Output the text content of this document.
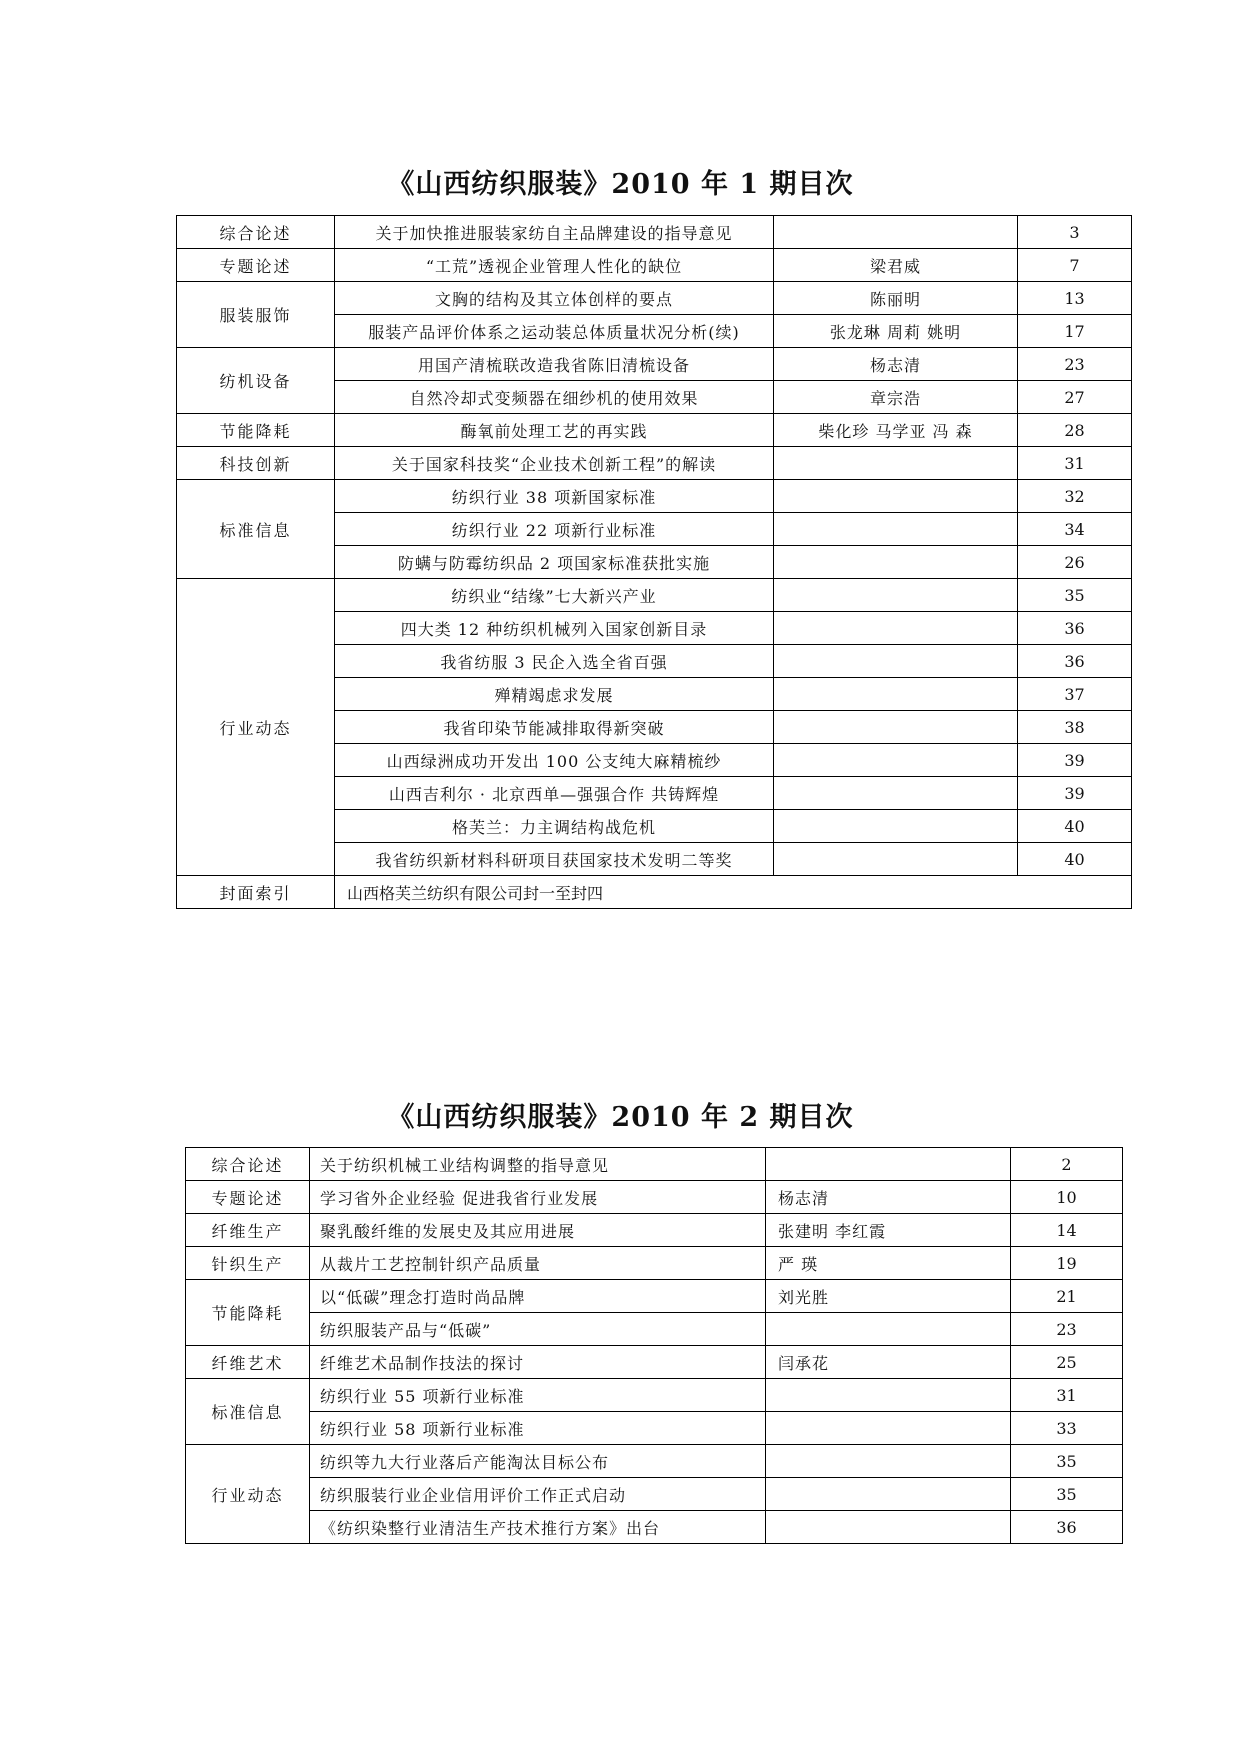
《山西纺织服装》2010 年 1 期目次
综合论述	关于加快推进服装家纺自主品牌建设的指导意见		3
专题论述	“工荒”透视企业管理人性化的缺位	梁君威	7
服装服饰	文胸的结构及其立体创样的要点	陈丽明	13
	服装产品评价体系之运动装总体质量状况分析(续)	张龙琳 周莉 姚明	17
纺机设备	用国产清梳联改造我省陈旧清梳设备	杨志清	23
	自然冷却式变频器在细纱机的使用效果	章宗浩	27
节能降耗	酶氧前处理工艺的再实践	柴化珍 马学亚 冯 森	28
科技创新	关于国家科技奖“企业技术创新工程”的解读		31
标准信息	纺织行业 38 项新国家标准		32
	纺织行业 22 项新行业标准		34
	防螨与防霉纺织品 2 项国家标准获批实施		26
行业动态	纺织业“结缘”七大新兴产业		35
	四大类 12 种纺织机械列入国家创新目录		36
	我省纺服 3 民企入选全省百强		36
	殚精竭虑求发展		37
	我省印染节能减排取得新突破		38
	山西绿洲成功开发出 100 公支纯大麻精梳纱		39
	山西吉利尔 · 北京西单—强强合作 共铸辉煌		39
	格芙兰：力主调结构战危机		40
	我省纺织新材料科研项目获国家技术发明二等奖		40
封面索引	山西格芙兰纺织有限公司封一至封四		
《山西纺织服装》2010 年 2 期目次
综合论述	关于纺织机械工业结构调整的指导意见		2
专题论述	学习省外企业经验 促进我省行业发展	杨志清	10
纤维生产	聚乳酸纤维的发展史及其应用进展	张建明 李红霞	14
针织生产	从裁片工艺控制针织产品质量	严 瑛	19
节能降耗	以“低碳”理念打造时尚品牌	刘光胜	21
	纺织服装产品与“低碳”		23
纤维艺术	纤维艺术品制作技法的探讨	闫承花	25
标准信息	纺织行业 55 项新行业标准		31
	纺织行业 58 项新行业标准		33
行业动态	纺织等九大行业落后产能淘汰目标公布		35
	纺织服装行业企业信用评价工作正式启动		35
	《纺织染整行业清洁生产技术推行方案》出台		36
